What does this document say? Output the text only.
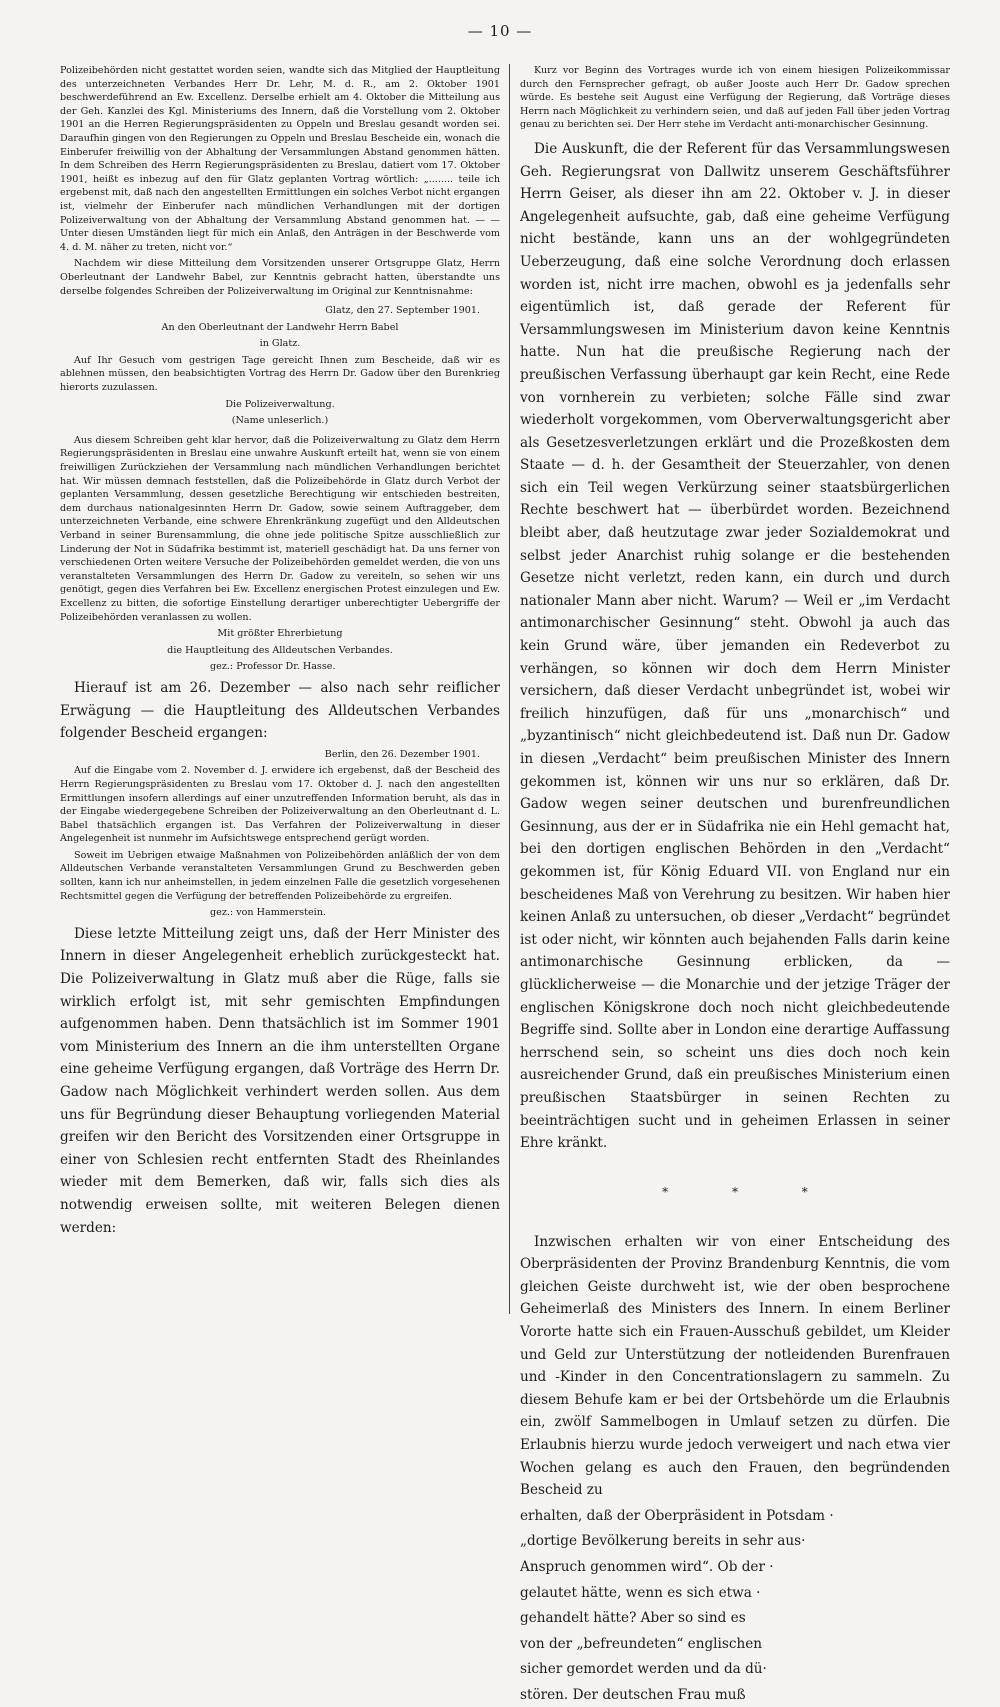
— 10 —

Polizeibehörden nicht gestattet worden seien, wandte sich das Mitglied der Hauptleitung des unterzeichneten Verbandes Herr Dr. Lehr, M. d. R., am 2. Oktober 1901 beschwerdeführend an Ew. Excellenz. Derselbe erhielt am 4. Oktober die Mitteilung aus der Geh. Kanzlei des Kgl. Ministeriums des Innern, daß die Vorstellung vom 2. Oktober 1901 an die Herren Regierungspräsidenten zu Oppeln und Breslau gesandt worden sei. Daraufhin gingen von den Regierungen zu Oppeln und Breslau Bescheide ein, wonach die Einberufer freiwillig von der Abhaltung der Versammlungen Abstand genommen hätten. In dem Schreiben des Herrn Regierungspräsidenten zu Breslau, datiert vom 17. Oktober 1901, heißt es inbezug auf den für Glatz geplanten Vortrag wörtlich: „........ teile ich ergebenst mit, daß nach den angestellten Ermittlungen ein solches Verbot nicht ergangen ist, vielmehr der Einberufer nach mündlichen Verhandlungen mit der dortigen Polizeiverwaltung von der Abhaltung der Versammlung Abstand genommen hat. — — Unter diesen Umständen liegt für mich ein Anlaß, den Anträgen in der Beschwerde vom 4. d. M. näher zu treten, nicht vor.“

Nachdem wir diese Mitteilung dem Vorsitzenden unserer Ortsgruppe Glatz, Herrn Oberleutnant der Landwehr Babel, zur Kenntnis gebracht hatten, überstandte uns derselbe folgendes Schreiben der Polizeiverwaltung im Original zur Kenntnisnahme:

Glatz, den 27. September 1901.

An den Oberleutnant der Landwehr Herrn Babel

in Glatz.

Auf Ihr Gesuch vom gestrigen Tage gereicht Ihnen zum Bescheide, daß wir es ablehnen müssen, den beabsichtigten Vortrag des Herrn Dr. Gadow über den Burenkrieg hierorts zuzulassen.

Die Polizeiverwaltung.

(Name unleserlich.)

Aus diesem Schreiben geht klar hervor, daß die Polizeiverwaltung zu Glatz dem Herrn Regierungspräsidenten in Breslau eine unwahre Auskunft erteilt hat, wenn sie von einem freiwilligen Zurückziehen der Versammlung nach mündlichen Verhandlungen berichtet hat. Wir müssen demnach feststellen, daß die Polizeibehörde in Glatz durch Verbot der geplanten Versammlung, dessen gesetzliche Berechtigung wir entschieden bestreiten, dem durchaus nationalgesinnten Herrn Dr. Gadow, sowie seinem Auftraggeber, dem unterzeichneten Verbande, eine schwere Ehrenkränkung zugefügt und den Alldeutschen Verband in seiner Burensammlung, die ohne jede politische Spitze ausschließlich zur Linderung der Not in Südafrika bestimmt ist, materiell geschädigt hat. Da uns ferner von verschiedenen Orten weitere Versuche der Polizeibehörden gemeldet werden, die von uns veranstalteten Versammlungen des Herrn Dr. Gadow zu vereiteln, so sehen wir uns genötigt, gegen dies Verfahren bei Ew. Excellenz energischen Protest einzulegen und Ew. Excellenz zu bitten, die sofortige Einstellung derartiger unberechtigter Uebergriffe der Polizeibehörden veranlassen zu wollen.

Mit größter Ehrerbietung

die Hauptleitung des Alldeutschen Verbandes.

gez.: Professor Dr. Hasse.

Hierauf ist am 26. Dezember — also nach sehr reiflicher Erwägung — die Hauptleitung des Alldeutschen Verbandes folgender Bescheid ergangen:

Berlin, den 26. Dezember 1901.

Auf die Eingabe vom 2. November d. J. erwidere ich ergebenst, daß der Bescheid des Herrn Regierungspräsidenten zu Breslau vom 17. Oktober d. J. nach den angestellten Ermittlungen insofern allerdings auf einer unzutreffenden Information beruht, als das in der Eingabe wiedergegebene Schreiben der Polizeiverwaltung an den Oberleutnant d. L. Babel thatsächlich ergangen ist. Das Verfahren der Polizeiverwaltung in dieser Angelegenheit ist nunmehr im Aufsichtswege entsprechend gerügt worden.

Soweit im Uebrigen etwaige Maßnahmen von Polizeibehörden anläßlich der von dem Alldeutschen Verbande veranstalteten Versammlungen Grund zu Beschwerden geben sollten, kann ich nur anheimstellen, in jedem einzelnen Falle die gesetzlich vorgesehenen Rechtsmittel gegen die Verfügung der betreffenden Polizeibehörde zu ergreifen.

gez.: von Hammerstein.

Diese letzte Mitteilung zeigt uns, daß der Herr Minister des Innern in dieser Angelegenheit erheblich zurückgesteckt hat. Die Polizeiverwaltung in Glatz muß aber die Rüge, falls sie wirklich erfolgt ist, mit sehr gemischten Empfindungen aufgenommen haben. Denn thatsächlich ist im Sommer 1901 vom Ministerium des Innern an die ihm unterstellten Organe eine geheime Verfügung ergangen, daß Vorträge des Herrn Dr. Gadow nach Möglichkeit verhindert werden sollen. Aus dem uns für Begründung dieser Behauptung vorliegenden Material greifen wir den Bericht des Vorsitzenden einer Ortsgruppe in einer von Schlesien recht entfernten Stadt des Rheinlandes wieder mit dem Bemerken, daß wir, falls sich dies als notwendig erweisen sollte, mit weiteren Belegen dienen werden:

Kurz vor Beginn des Vortrages wurde ich von einem hiesigen Polizeikommissar durch den Fernsprecher gefragt, ob außer Jooste auch Herr Dr. Gadow sprechen würde. Es bestehe seit August eine Verfügung der Regierung, daß Vorträge dieses Herrn nach Möglichkeit zu verhindern seien, und daß auf jeden Fall über jeden Vortrag genau zu berichten sei. Der Herr stehe im Verdacht anti-monarchischer Gesinnung.

Die Auskunft, die der Referent für das Versammlungswesen Geh. Regierungsrat von Dallwitz unserem Geschäftsführer Herrn Geiser, als dieser ihn am 22. Oktober v. J. in dieser Angelegenheit aufsuchte, gab, daß eine geheime Verfügung nicht bestände, kann uns an der wohlgegründeten Ueberzeugung, daß eine solche Verordnung doch erlassen worden ist, nicht irre machen, obwohl es ja jedenfalls sehr eigentümlich ist, daß gerade der Referent für Versammlungswesen im Ministerium davon keine Kenntnis hatte. Nun hat die preußische Regierung nach der preußischen Verfassung überhaupt gar kein Recht, eine Rede von vornherein zu verbieten; solche Fälle sind zwar wiederholt vorgekommen, vom Oberverwaltungsgericht aber als Gesetzesverletzungen erklärt und die Prozeßkosten dem Staate — d. h. der Gesamtheit der Steuerzahler, von denen sich ein Teil wegen Verkürzung seiner staatsbürgerlichen Rechte beschwert hat — überbürdet worden. Bezeichnend bleibt aber, daß heutzutage zwar jeder Sozialdemokrat und selbst jeder Anarchist ruhig solange er die bestehenden Gesetze nicht verletzt, reden kann, ein durch und durch nationaler Mann aber nicht. Warum? — Weil er „im Verdacht antimonarchischer Gesinnung“ steht. Obwohl ja auch das kein Grund wäre, über jemanden ein Redeverbot zu verhängen, so können wir doch dem Herrn Minister versichern, daß dieser Verdacht unbegründet ist, wobei wir freilich hinzufügen, daß für uns „monarchisch“ und „byzantinisch“ nicht gleichbedeutend ist. Daß nun Dr. Gadow in diesen „Verdacht“ beim preußischen Minister des Innern gekommen ist, können wir uns nur so erklären, daß Dr. Gadow wegen seiner deutschen und burenfreundlichen Gesinnung, aus der er in Südafrika nie ein Hehl gemacht hat, bei den dortigen englischen Behörden in den „Verdacht“ gekommen ist, für König Eduard VII. von England nur ein bescheidenes Maß von Verehrung zu besitzen. Wir haben hier keinen Anlaß zu untersuchen, ob dieser „Verdacht“ begründet ist oder nicht, wir könnten auch bejahenden Falls darin keine antimonarchische Gesinnung erblicken, da — glücklicherweise — die Monarchie und der jetzige Träger der englischen Königskrone doch noch nicht gleichbedeutende Begriffe sind. Sollte aber in London eine derartige Auffassung herrschend sein, so scheint uns dies doch noch kein ausreichender Grund, daß ein preußisches Ministerium einen preußischen Staatsbürger in seinen Rechten zu beeinträchtigen sucht und in geheimen Erlassen in seiner Ehre kränkt.

* * *

Inzwischen erhalten wir von einer Entscheidung des Oberpräsidenten der Provinz Brandenburg Kenntnis, die vom gleichen Geiste durchweht ist, wie der oben besprochene Geheimerlaß des Ministers des Innern. In einem Berliner Vororte hatte sich ein Frauen-Ausschuß gebildet, um Kleider und Geld zur Unterstützung der notleidenden Burenfrauen und -Kinder in den Concentrationslagern zu sammeln. Zu diesem Behufe kam er bei der Ortsbehörde um die Erlaubnis ein, zwölf Sammelbogen in Umlauf setzen zu dürfen. Die Erlaubnis hierzu wurde jedoch verweigert und nach etwa vier Wochen gelang es auch den Frauen, den begründenden Bescheid zu

erhalten, daß der Oberpräsident in Potsdam ·

„dortige Bevölkerung bereits in sehr aus·

Anspruch genommen wird“. Ob der ·

gelautet hätte, wenn es sich etwa ·

gehandelt hätte? Aber so sind es

von der „befreundeten“ englischen

sicher gemordet werden und da dü·

stören. Der deutschen Frau muß
